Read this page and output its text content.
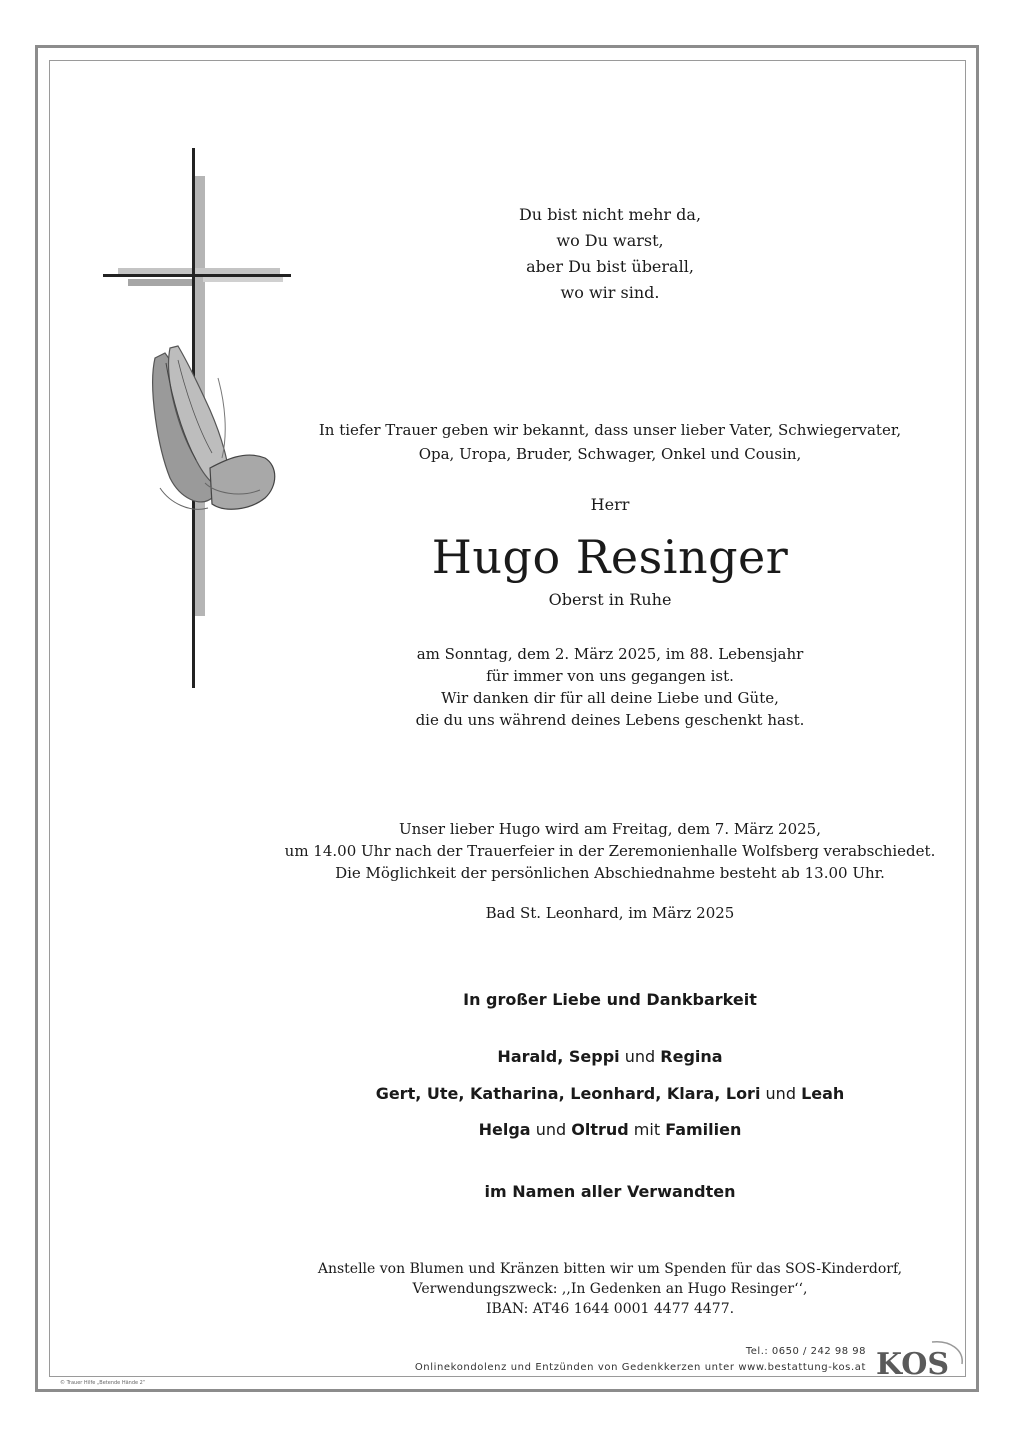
Du bist nicht mehr da,
wo Du warst,
aber Du bist überall,
wo wir sind.
In tiefer Trauer geben wir bekannt, dass unser lieber Vater, Schwiegervater,
Opa, Uropa, Bruder, Schwager, Onkel und Cousin,
Herr
Hugo Resinger
Oberst in Ruhe
am Sonntag, dem 2. März 2025, im 88. Lebensjahr
für immer von uns gegangen ist.
Wir danken dir für all deine Liebe und Güte,
die du uns während deines Lebens geschenkt hast.
Unser lieber Hugo wird am Freitag, dem 7. März 2025,
um 14.00 Uhr nach der Trauerfeier in der Zeremonienhalle Wolfsberg verabschiedet.
Die Möglichkeit der persönlichen Abschiednahme besteht ab 13.00 Uhr.
Bad St. Leonhard, im März 2025
In großer Liebe und Dankbarkeit
Harald, Seppi und Regina
Gert, Ute, Katharina, Leonhard, Klara, Lori und Leah
Helga und Oltrud mit Familien
im Namen aller Verwandten
Anstelle von Blumen und Kränzen bitten wir um Spenden für das SOS-Kinderdorf,
Verwendungszweck: ,,In Gedenken an Hugo Resinger‘‘,
IBAN: AT46 1644 0001 4477 4477.
Tel.: 0650 / 242 98 98
Onlinekondolenz und Entzünden von Gedenkkerzen unter www.bestattung-kos.at KOS
© Trauer Hilfe „Betende Hände 2“
